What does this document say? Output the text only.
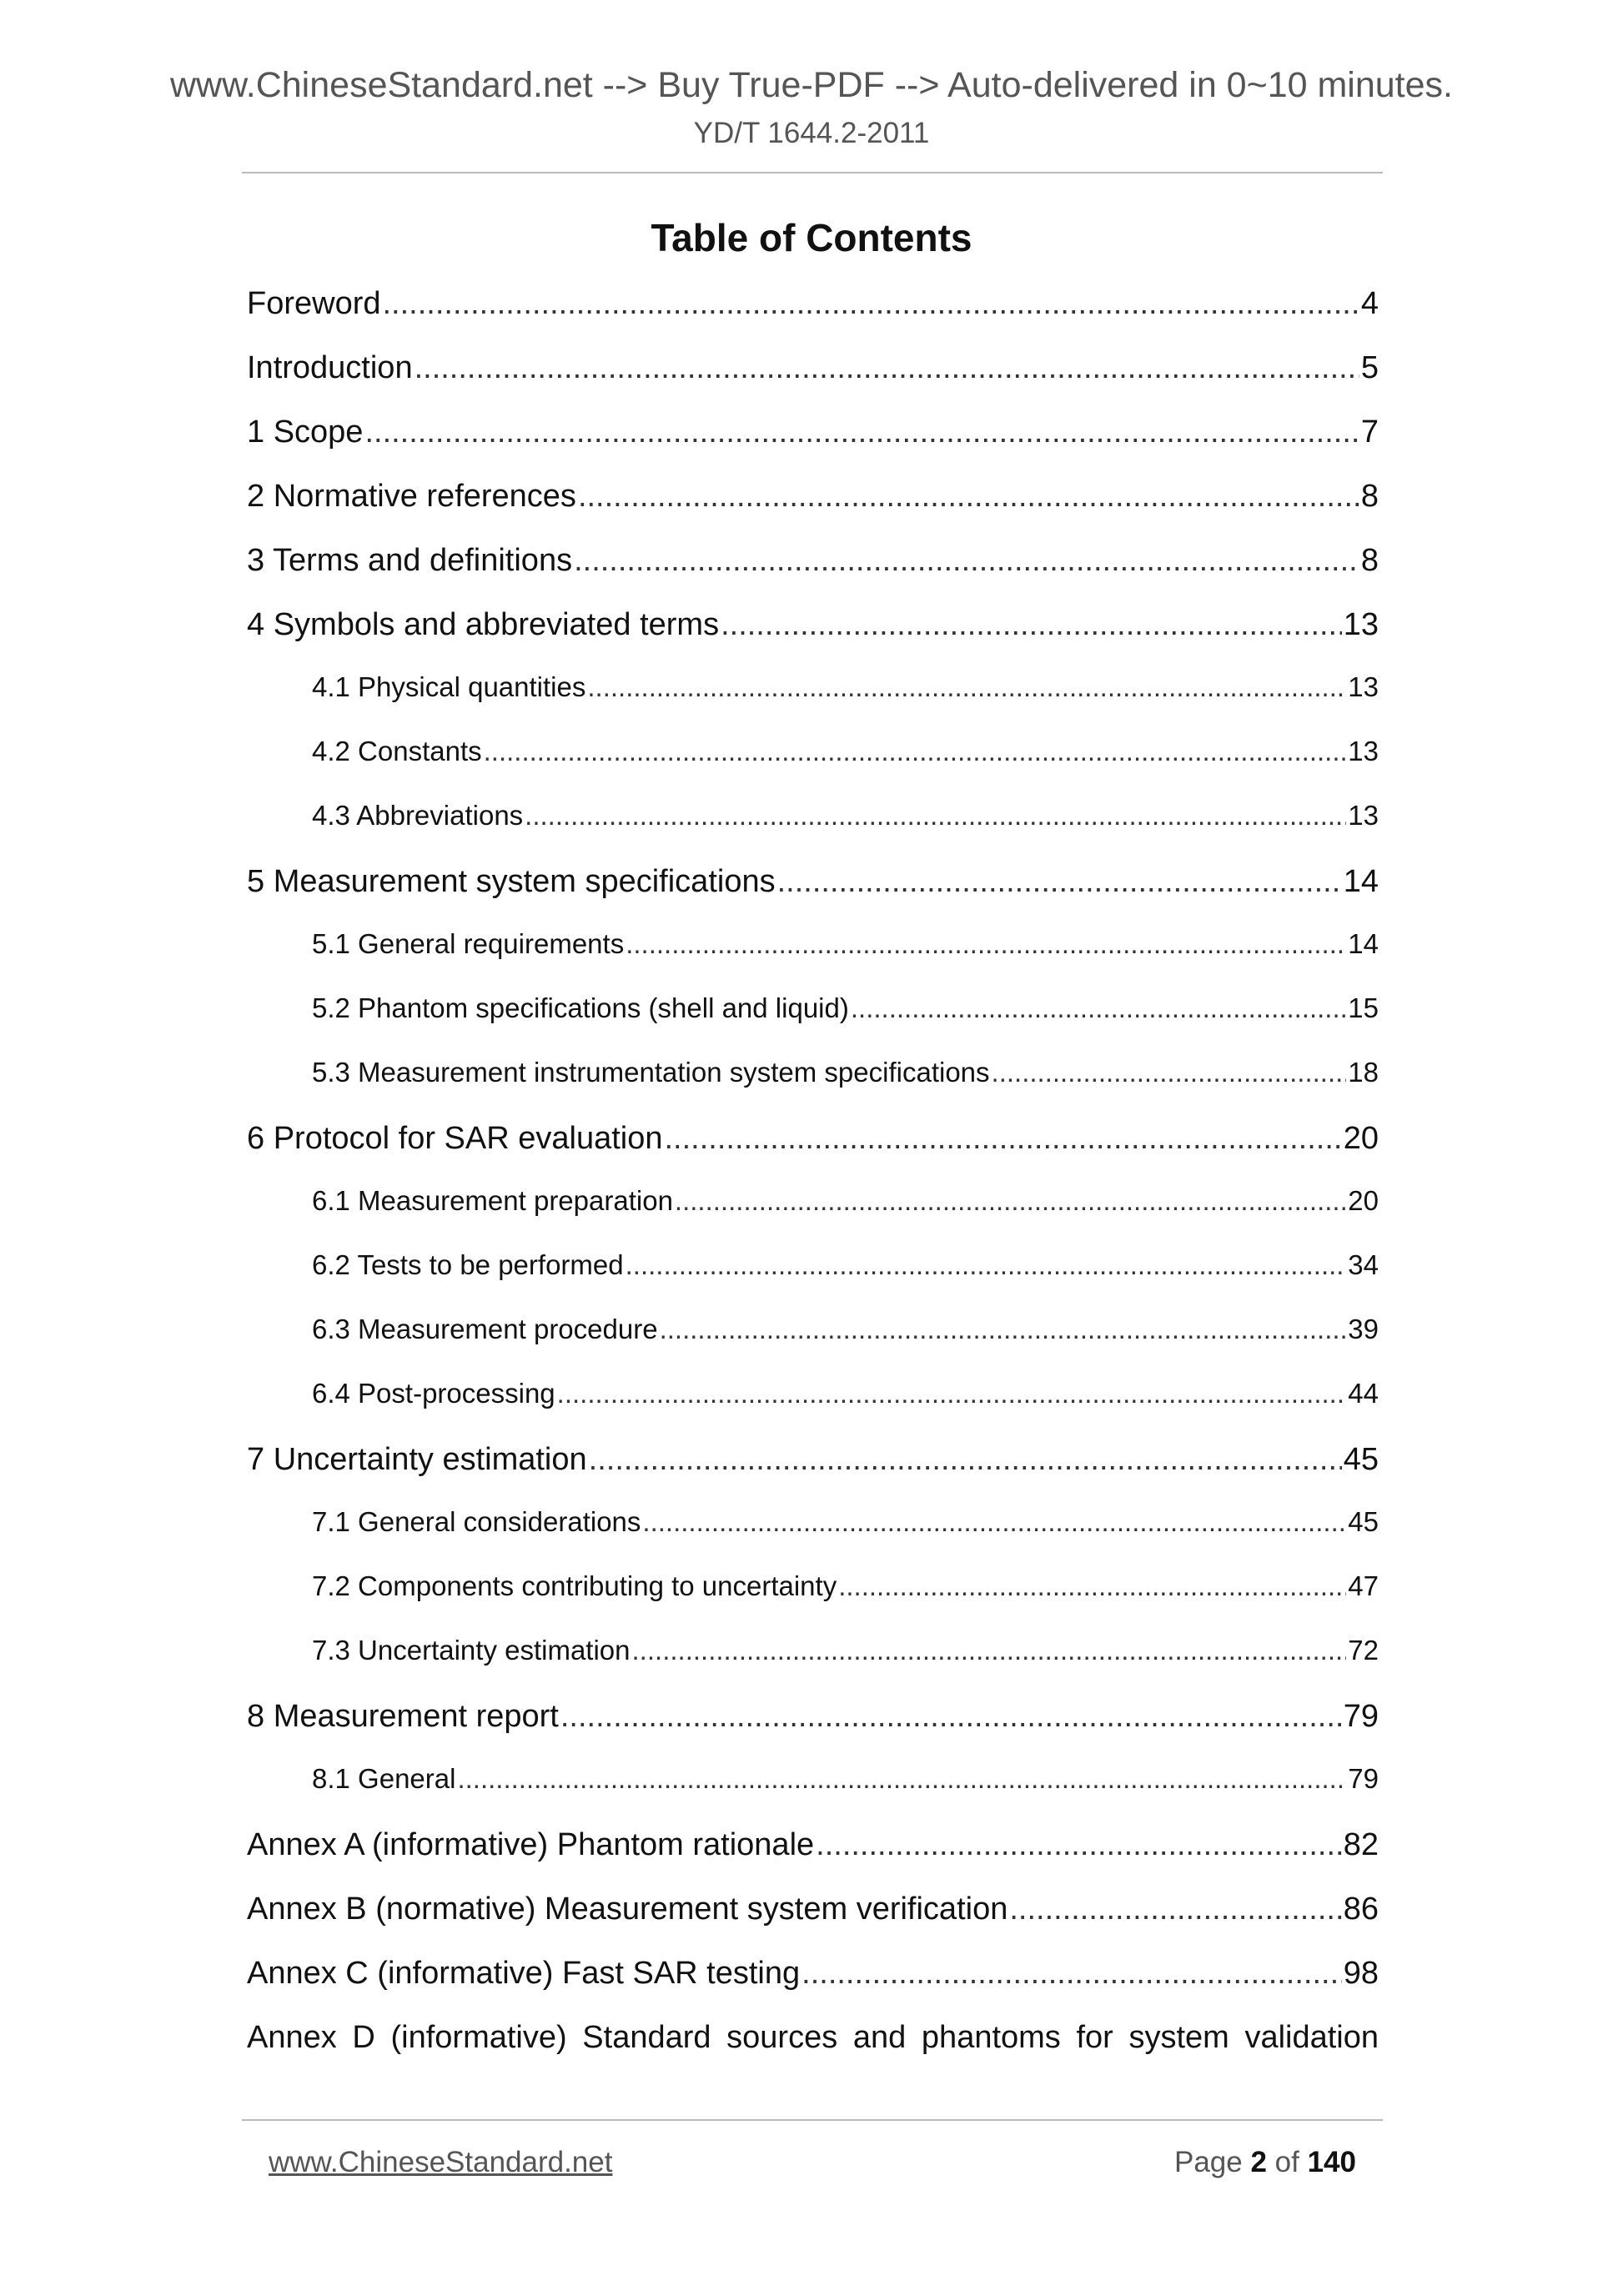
www.ChineseStandard.net --> Buy True-PDF --> Auto-delivered in 0~10 minutes.
YD/T 1644.2-2011
Table of Contents
Foreword .....	4
Introduction .....	5
1 Scope .....	7
2 Normative references .....	8
3 Terms and definitions .....	8
4 Symbols and abbreviated terms .....	13
4.1 Physical quantities .....	13
4.2 Constants .....	13
4.3 Abbreviations .....	13
5 Measurement system specifications .....	14
5.1 General requirements .....	14
5.2 Phantom specifications (shell and liquid) .....	15
5.3 Measurement instrumentation system specifications .....	18
6 Protocol for SAR evaluation .....	20
6.1 Measurement preparation .....	20
6.2 Tests to be performed .....	34
6.3 Measurement procedure .....	39
6.4 Post-processing .....	44
7 Uncertainty estimation .....	45
7.1 General considerations .....	45
7.2 Components contributing to uncertainty .....	47
7.3 Uncertainty estimation .....	72
8 Measurement report .....	79
8.1 General .....	79
Annex A (informative) Phantom rationale .....	82
Annex B (normative) Measurement system verification .....	86
Annex C (informative) Fast SAR testing .....	98
Annex D (informative) Standard sources and phantoms for system validation
www.ChineseStandard.net	Page 2 of 140
